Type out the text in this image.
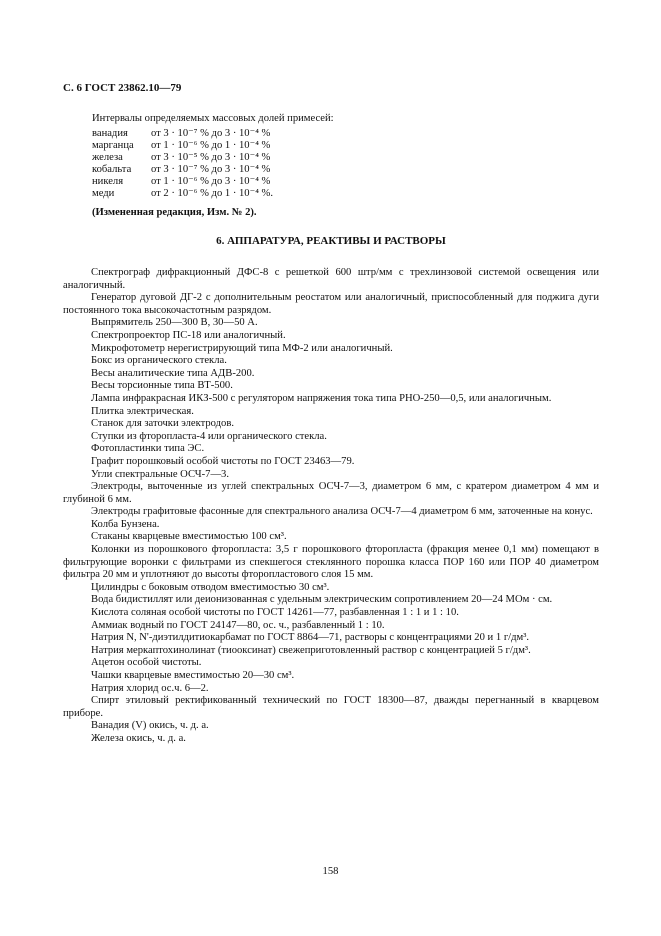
С. 6 ГОСТ 23862.10—79
Интервалы определяемых массовых долей примесей:
ванадия	от 3 · 10⁻⁷ % до 3 · 10⁻⁴ %
марганца	от 1 · 10⁻⁶ % до 1 · 10⁻⁴ %
железа	от 3 · 10⁻⁵ % до 3 · 10⁻⁴ %
кобальта	от 3 · 10⁻⁷ % до 3 · 10⁻⁴ %
никеля	от 1 · 10⁻⁶ % до 3 · 10⁻⁴ %
меди	от 2 · 10⁻⁶ % до 1 · 10⁻⁴ %.
(Измененная редакция, Изм. № 2).
6. АППАРАТУРА, РЕАКТИВЫ И РАСТВОРЫ

Спектрограф дифракционный ДФС-8 с решеткой 600 штр/мм с трехлинзовой системой освещения или аналогичный.

Генератор дуговой ДГ-2 с дополнительным реостатом или аналогичный, приспособленный для поджига дуги постоянного тока высокочастотным разрядом.

Выпрямитель 250—300 В, 30—50 А.

Спектропроектор ПС-18 или аналогичный.

Микрофотометр нерегистрирующий типа МФ-2 или аналогичный.

Бокс из органического стекла.

Весы аналитические типа АДВ-200.

Весы торсионные типа ВТ-500.

Лампа инфракрасная ИКЗ-500 с регулятором напряжения тока типа РНО-250—0,5, или аналогичным.

Плитка электрическая.

Станок для заточки электродов.

Ступки из фторопласта-4 или органического стекла.

Фотопластинки типа ЭС.

Графит порошковый особой чистоты по ГОСТ 23463—79.

Угли спектральные ОСЧ-7—3.

Электроды, выточенные из углей спектральных ОСЧ-7—3, диаметром 6 мм, с кратером диаметром 4 мм и глубиной 6 мм.

Электроды графитовые фасонные для спектрального анализа ОСЧ-7—4 диаметром 6 мм, заточенные на конус.

Колба Бунзена.

Стаканы кварцевые вместимостью 100 см³.

Колонки из порошкового фторопласта: 3,5 г порошкового фторопласта (фракция менее 0,1 мм) помещают в фильтрующие воронки с фильтрами из спекшегося стеклянного порошка класса ПОР 160 или ПОР 40 диаметром фильтра 20 мм и уплотняют до высоты фторопластового слоя 15 мм.

Цилиндры с боковым отводом вместимостью 30 см³.

Вода бидистиллят или деионизованная с удельным электрическим сопротивлением 20—24 МОм · см.

Кислота соляная особой чистоты по ГОСТ 14261—77, разбавленная 1 : 1 и 1 : 10.

Аммиак водный по ГОСТ 24147—80, ос. ч., разбавленный 1 : 10.

Натрия N, N'-диэтилдитиокарбамат по ГОСТ 8864—71, растворы с концентрациями 20 и 1 г/дм³.

Натрия меркаптохинолинат (тиооксинат) свежеприготовленный раствор с концентрацией 5 г/дм³.

Ацетон особой чистоты.

Чашки кварцевые вместимостью 20—30 см³.

Натрия хлорид ос.ч. 6—2.

Спирт этиловый ректификованный технический по ГОСТ 18300—87, дважды перегнанный в кварцевом приборе.

Ванадия (V) окись, ч. д. а.

Железа окись, ч. д. а.

158
